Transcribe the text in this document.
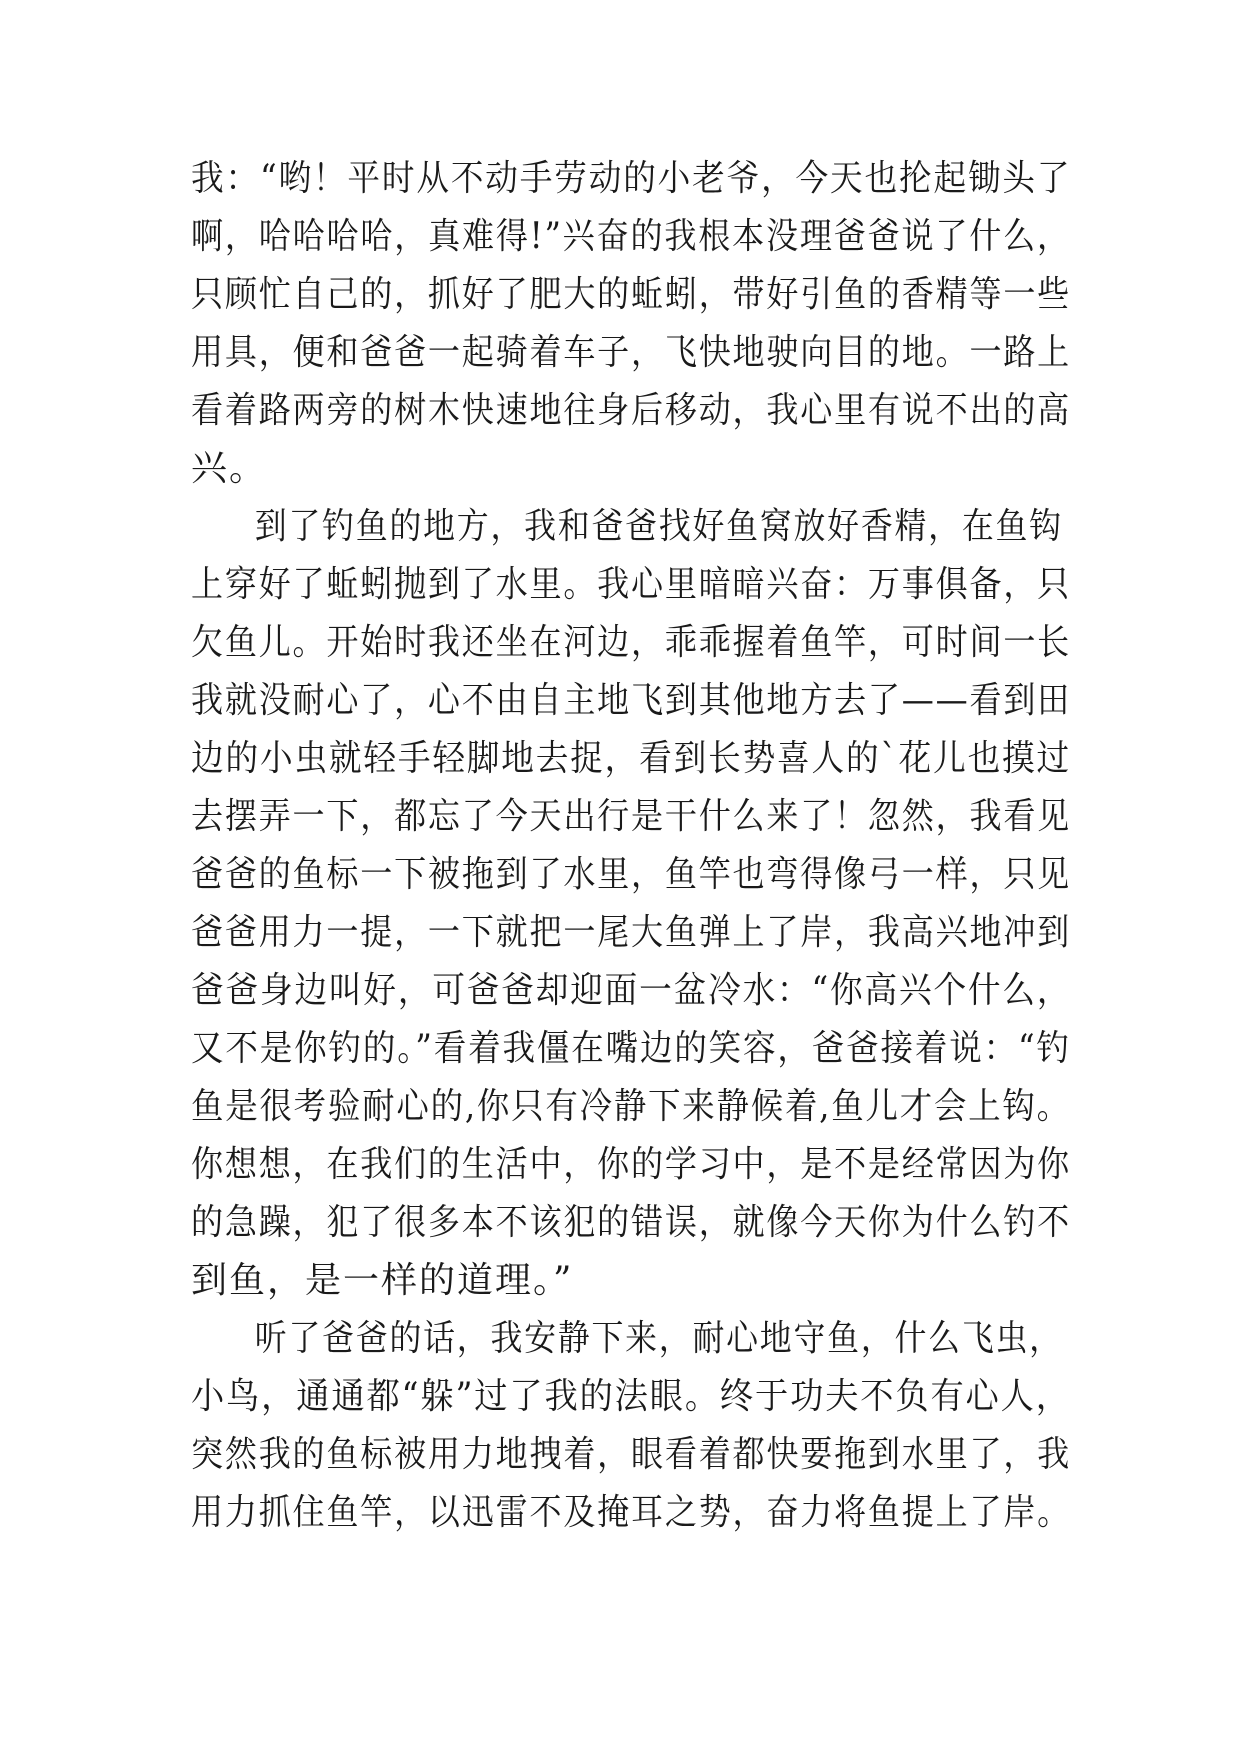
我：“哟！平时从不动手劳动的小老爷，今天也抡起锄头了
啊，哈哈哈哈，真难得!”兴奋的我根本没理爸爸说了什么，
只顾忙自己的，抓好了肥大的蚯蚓，带好引鱼的香精等一些
用具，便和爸爸一起骑着车子，飞快地驶向目的地。一路上
看着路两旁的树木快速地往身后移动，我心里有说不出的高
兴。
到了钓鱼的地方，我和爸爸找好鱼窝放好香精，在鱼钩
上穿好了蚯蚓抛到了水里。我心里暗暗兴奋：万事俱备，只
欠鱼儿。开始时我还坐在河边，乖乖握着鱼竿，可时间一长
我就没耐心了，心不由自主地飞到其他地方去了——看到田
边的小虫就轻手轻脚地去捉，看到长势喜人的`花儿也摸过
去摆弄一下，都忘了今天出行是干什么来了！忽然，我看见
爸爸的鱼标一下被拖到了水里，鱼竿也弯得像弓一样，只见
爸爸用力一提，一下就把一尾大鱼弹上了岸，我高兴地冲到
爸爸身边叫好，可爸爸却迎面一盆冷水：“你高兴个什么，
又不是你钓的。”看着我僵在嘴边的笑容，爸爸接着说：“钓
鱼是很考验耐心的,你只有冷静下来静候着,鱼儿才会上钩。
你想想，在我们的生活中，你的学习中，是不是经常因为你
的急躁，犯了很多本不该犯的错误，就像今天你为什么钓不
到鱼，是一样的道理。”
听了爸爸的话，我安静下来，耐心地守鱼，什么飞虫，
小鸟，通通都“躲”过了我的法眼。终于功夫不负有心人，
突然我的鱼标被用力地拽着，眼看着都快要拖到水里了，我
用力抓住鱼竿，以迅雷不及掩耳之势，奋力将鱼提上了岸。
